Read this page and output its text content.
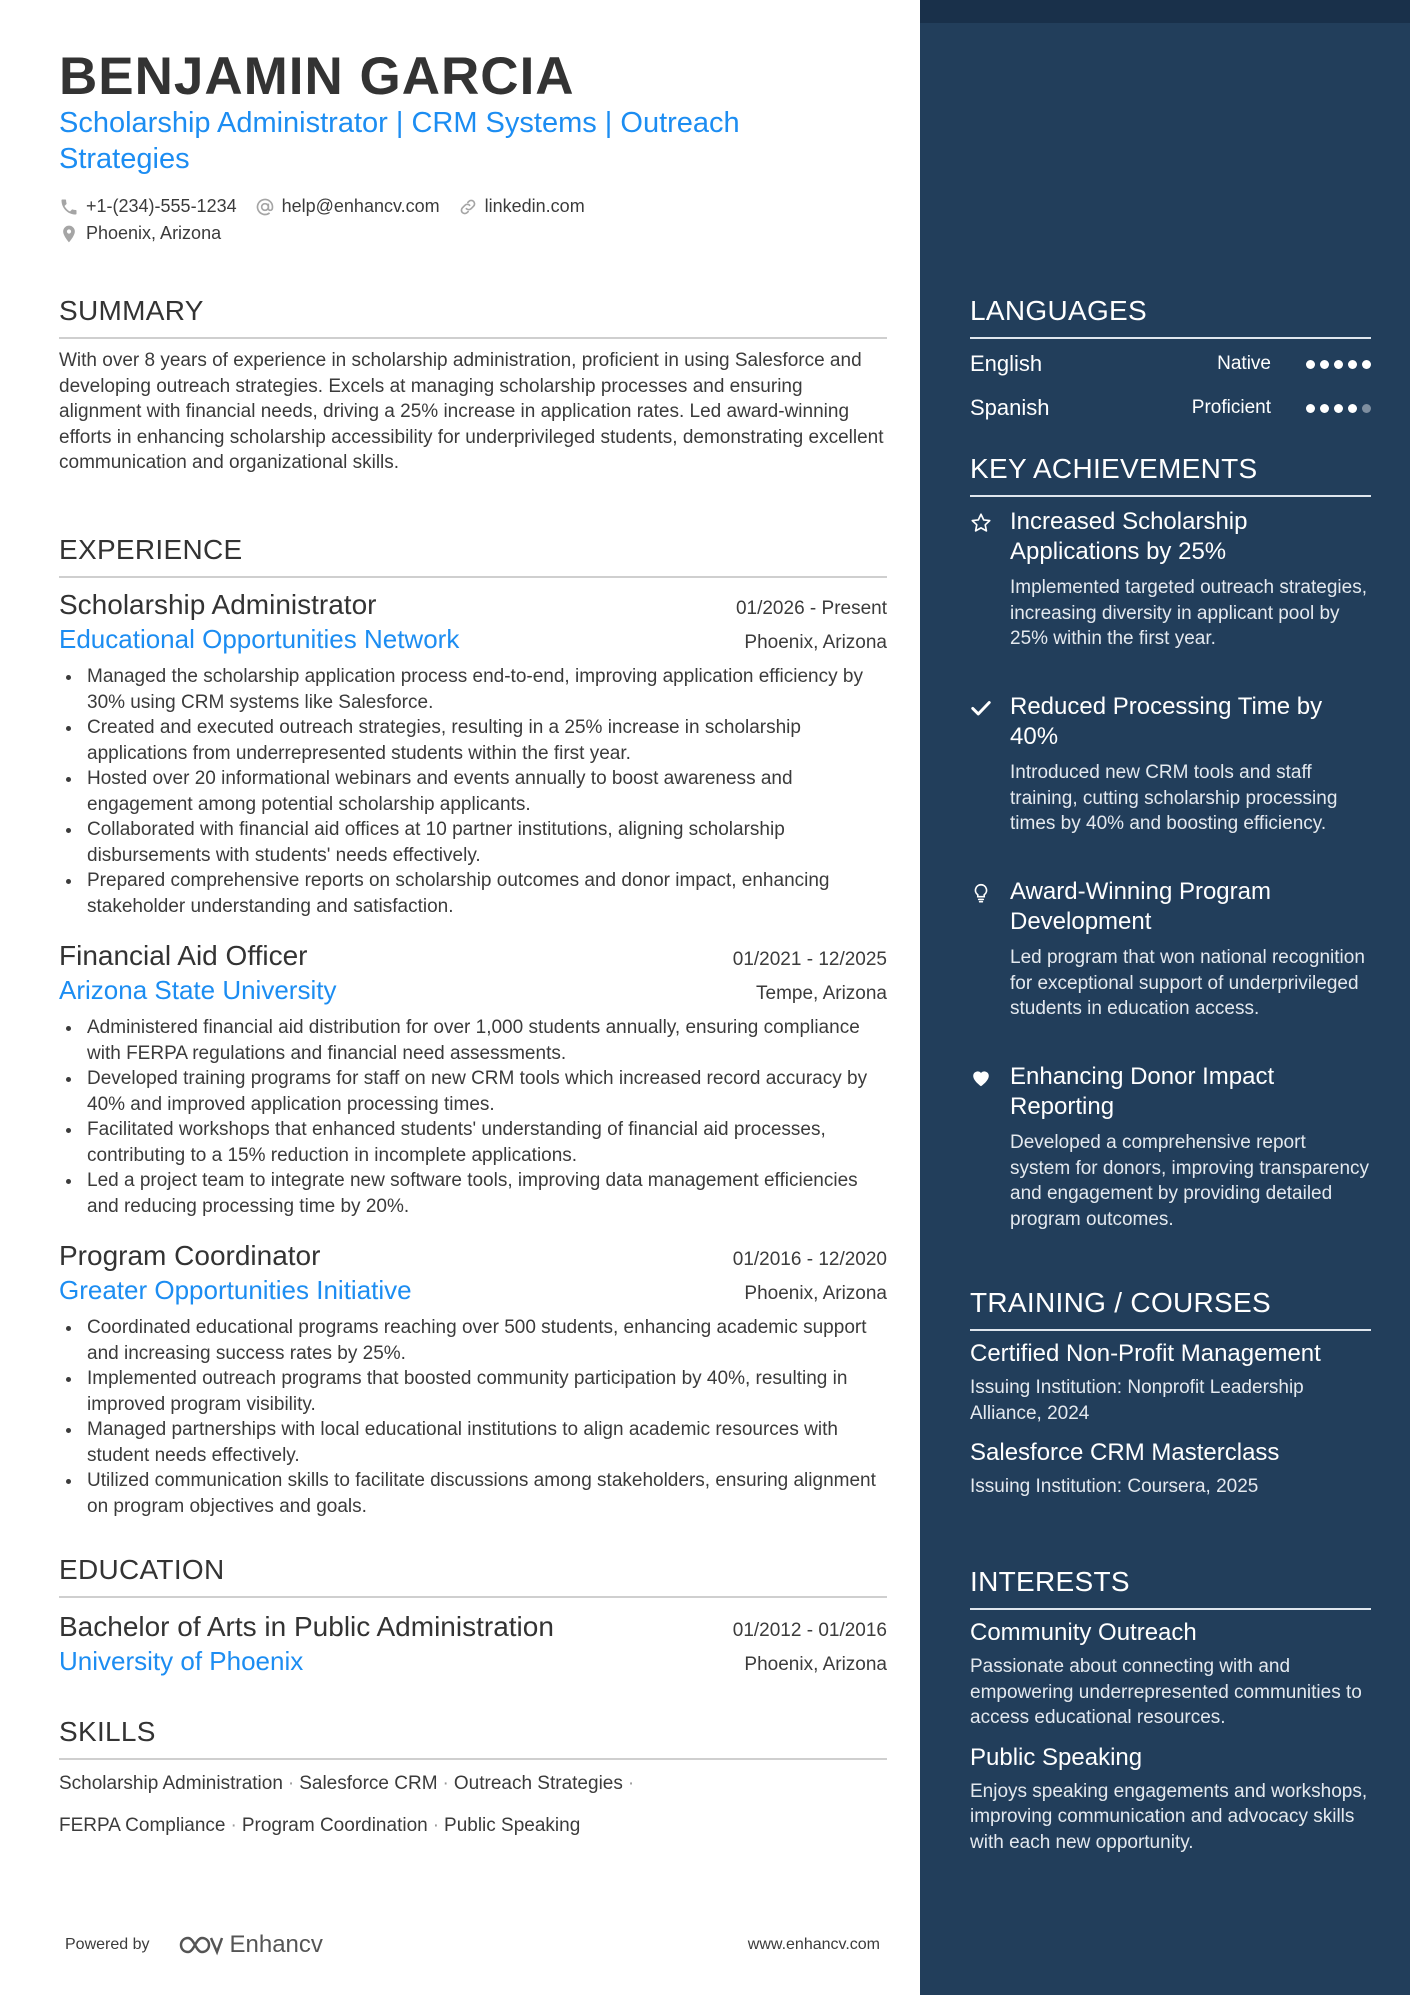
BENJAMIN GARCIA
Scholarship Administrator | CRM Systems | Outreach Strategies
+1-(234)-555-1234	help@enhancv.com	linkedin.com
Phoenix, Arizona
SUMMARY
With over 8 years of experience in scholarship administration, proficient in using Salesforce and developing outreach strategies. Excels at managing scholarship processes and ensuring alignment with financial needs, driving a 25% increase in application rates. Led award-winning efforts in enhancing scholarship accessibility for underprivileged students, demonstrating excellent communication and organizational skills.
EXPERIENCE
Scholarship Administrator	01/2026 - Present
Educational Opportunities Network	Phoenix, Arizona
Managed the scholarship application process end-to-end, improving application efficiency by 30% using CRM systems like Salesforce.
Created and executed outreach strategies, resulting in a 25% increase in scholarship applications from underrepresented students within the first year.
Hosted over 20 informational webinars and events annually to boost awareness and engagement among potential scholarship applicants.
Collaborated with financial aid offices at 10 partner institutions, aligning scholarship disbursements with students' needs effectively.
Prepared comprehensive reports on scholarship outcomes and donor impact, enhancing stakeholder understanding and satisfaction.
Financial Aid Officer	01/2021 - 12/2025
Arizona State University	Tempe, Arizona
Administered financial aid distribution for over 1,000 students annually, ensuring compliance with FERPA regulations and financial need assessments.
Developed training programs for staff on new CRM tools which increased record accuracy by 40% and improved application processing times.
Facilitated workshops that enhanced students' understanding of financial aid processes, contributing to a 15% reduction in incomplete applications.
Led a project team to integrate new software tools, improving data management efficiencies and reducing processing time by 20%.
Program Coordinator	01/2016 - 12/2020
Greater Opportunities Initiative	Phoenix, Arizona
Coordinated educational programs reaching over 500 students, enhancing academic support and increasing success rates by 25%.
Implemented outreach programs that boosted community participation by 40%, resulting in improved program visibility.
Managed partnerships with local educational institutions to align academic resources with student needs effectively.
Utilized communication skills to facilitate discussions among stakeholders, ensuring alignment on program objectives and goals.
EDUCATION
Bachelor of Arts in Public Administration	01/2012 - 01/2016
University of Phoenix	Phoenix, Arizona
SKILLS
Scholarship Administration · Salesforce CRM · Outreach Strategies ·
FERPA Compliance · Program Coordination · Public Speaking
Powered by	Enhancv	www.enhancv.com
LANGUAGES
English	Native
Spanish	Proficient
KEY ACHIEVEMENTS
Increased Scholarship Applications by 25%
Implemented targeted outreach strategies, increasing diversity in applicant pool by 25% within the first year.
Reduced Processing Time by 40%
Introduced new CRM tools and staff training, cutting scholarship processing times by 40% and boosting efficiency.
Award-Winning Program Development
Led program that won national recognition for exceptional support of underprivileged students in education access.
Enhancing Donor Impact Reporting
Developed a comprehensive report system for donors, improving transparency and engagement by providing detailed program outcomes.
TRAINING / COURSES
Certified Non-Profit Management
Issuing Institution: Nonprofit Leadership Alliance, 2024
Salesforce CRM Masterclass
Issuing Institution: Coursera, 2025
INTERESTS
Community Outreach
Passionate about connecting with and empowering underrepresented communities to access educational resources.
Public Speaking
Enjoys speaking engagements and workshops, improving communication and advocacy skills with each new opportunity.
